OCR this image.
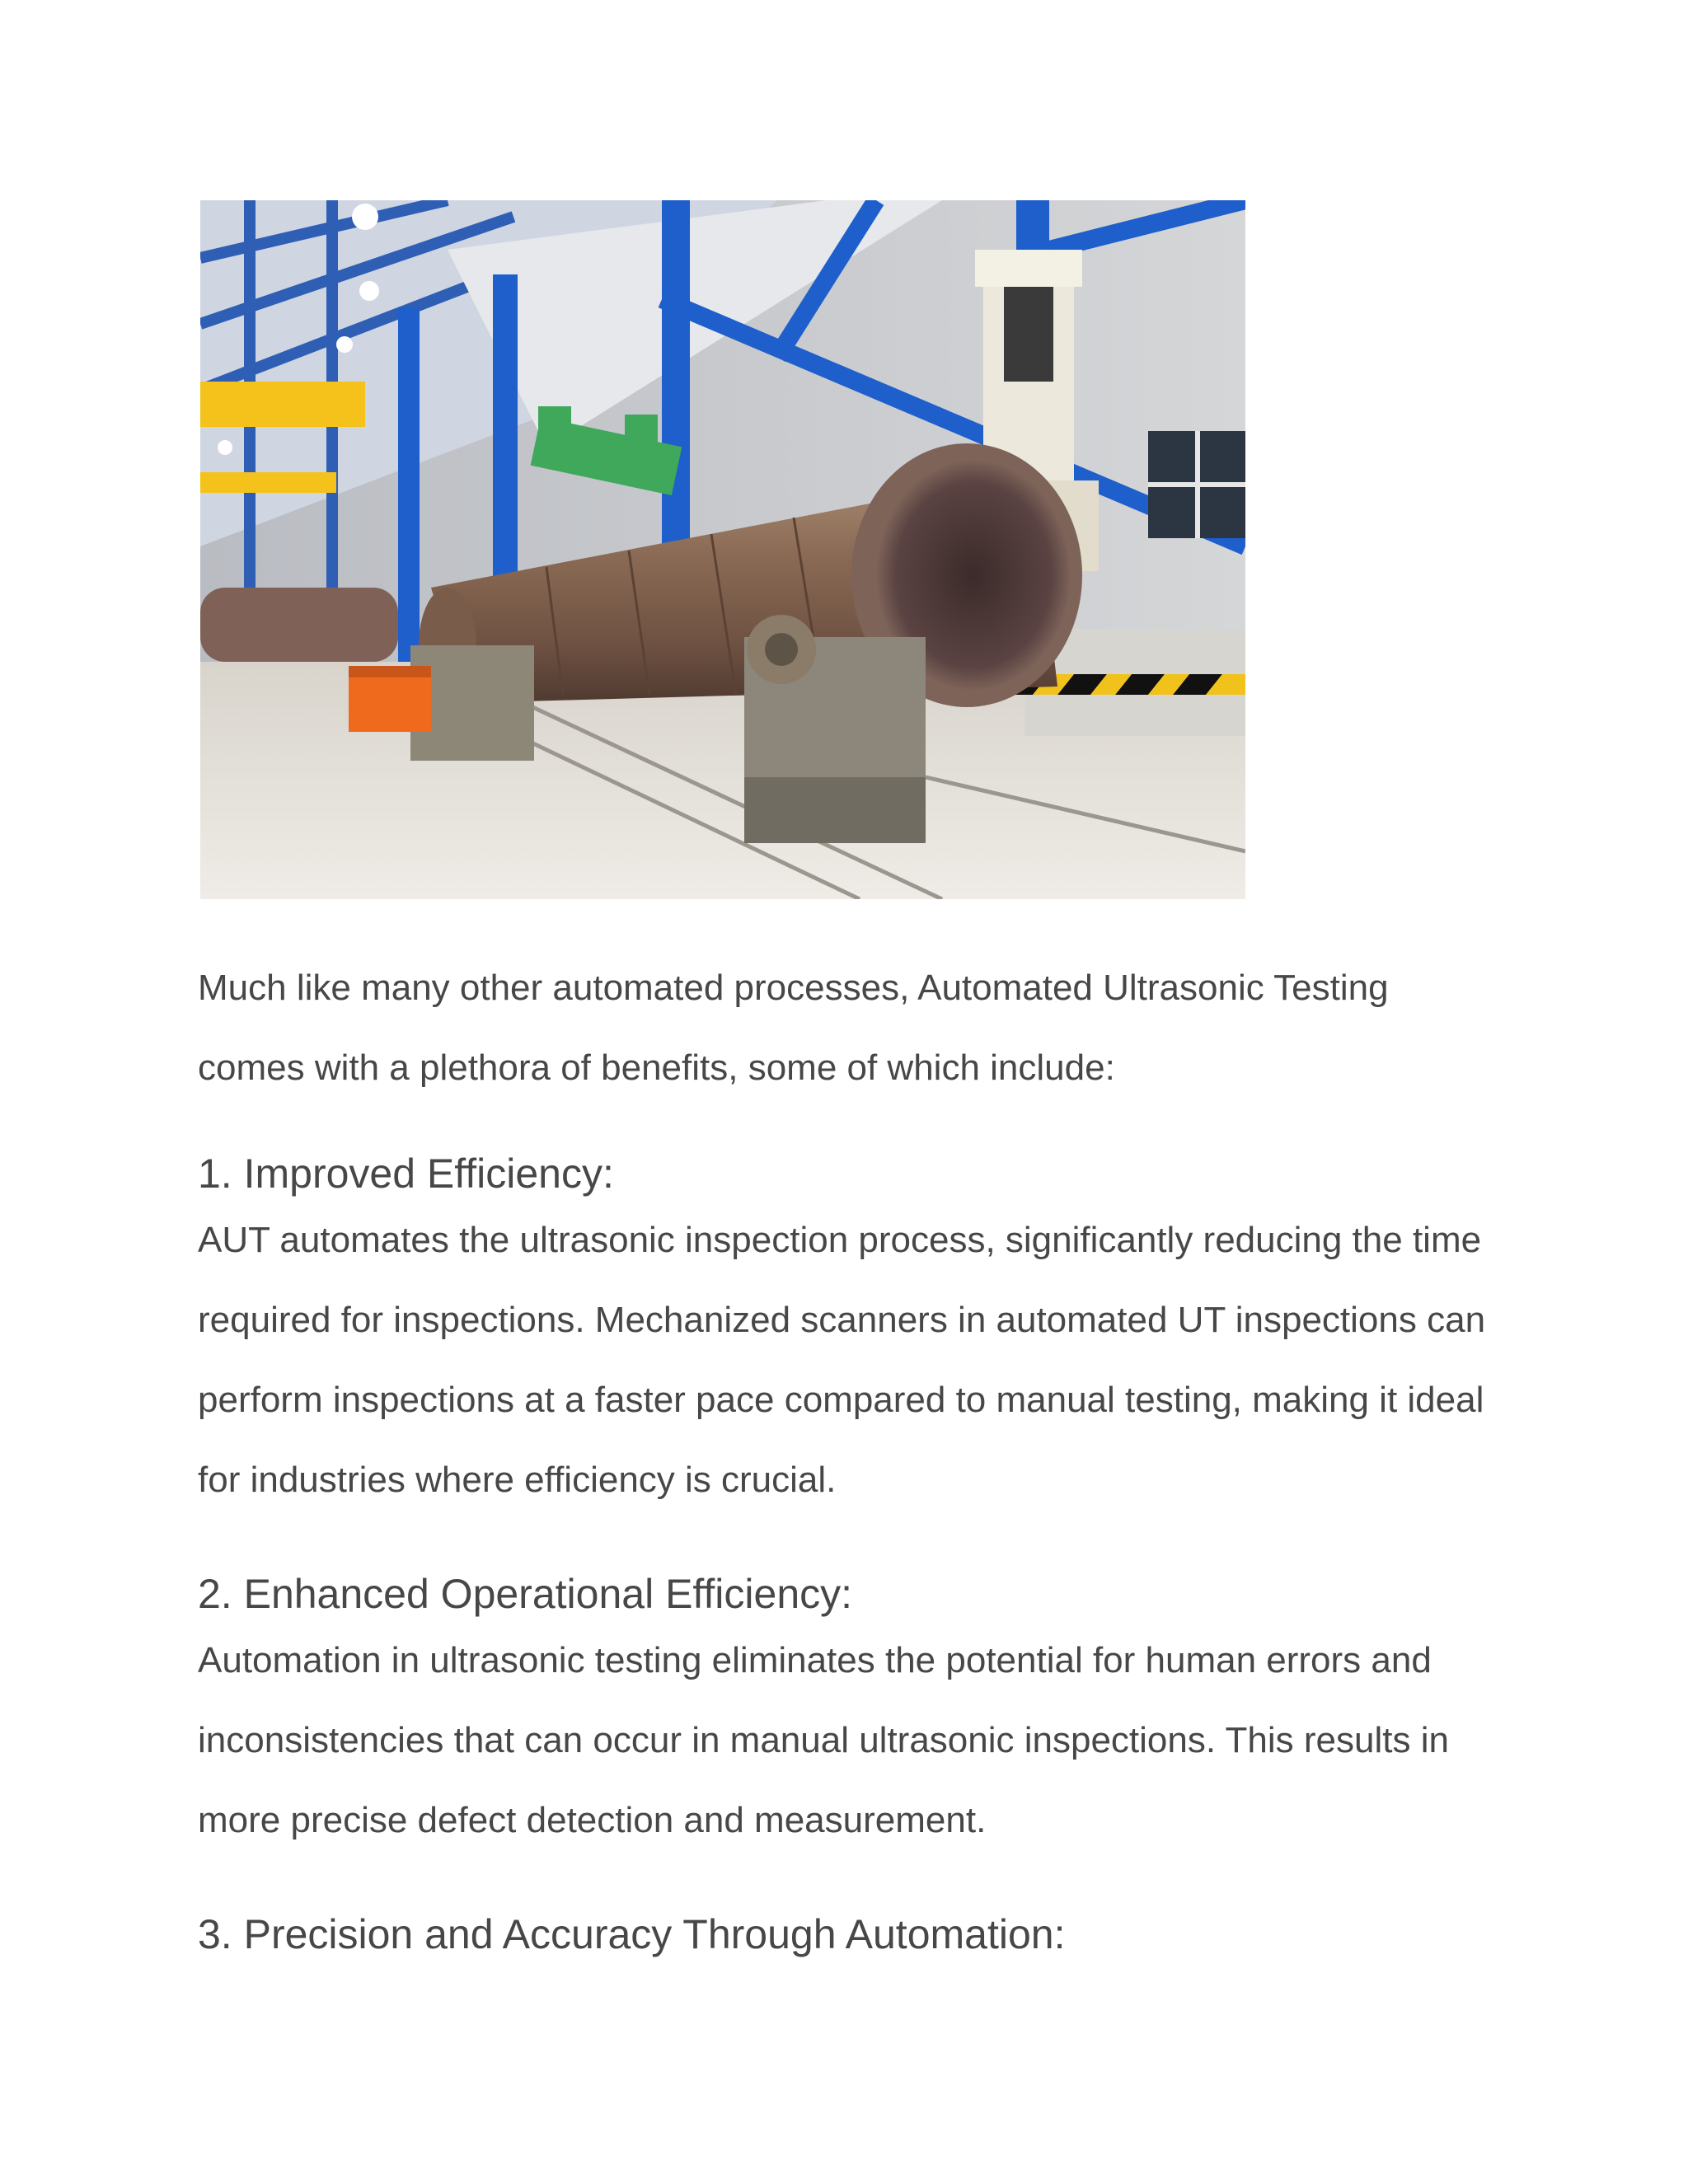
Much like many other automated processes, Automated Ultrasonic Testing comes with a plethora of benefits, some of which include:

1. Improved Efficiency:

AUT automates the ultrasonic inspection process, significantly reducing the time required for inspections. Mechanized scanners in automated UT inspections can perform inspections at a faster pace compared to manual testing, making it ideal for industries where efficiency is crucial.

2. Enhanced Operational Efficiency:

Automation in ultrasonic testing eliminates the potential for human errors and inconsistencies that can occur in manual ultrasonic inspections. This results in more precise defect detection and measurement.

3. Precision and Accuracy Through Automation:
